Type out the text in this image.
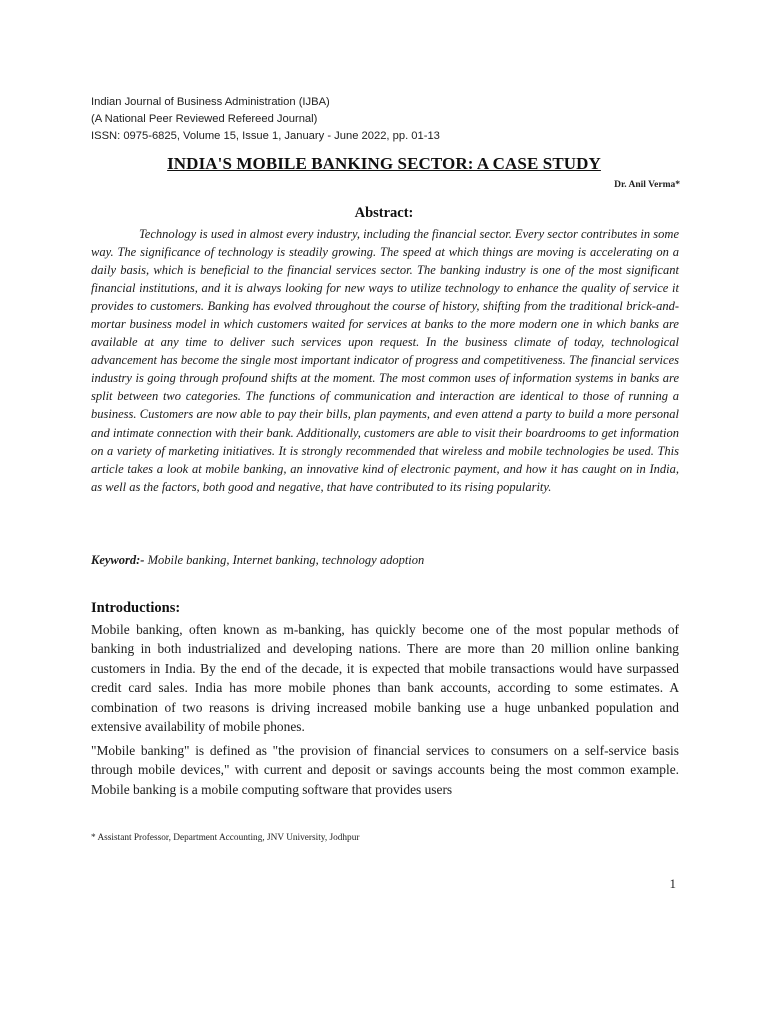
Indian Journal of Business Administration (IJBA)
(A National Peer Reviewed Refereed Journal)
ISSN: 0975-6825, Volume 15, Issue 1, January - June 2022, pp. 01-13
INDIA'S MOBILE BANKING SECTOR: A CASE STUDY
Dr. Anil Verma*
Abstract:

Technology is used in almost every industry, including the financial sector. Every sector contributes in some way. The significance of technology is steadily growing. The speed at which things are moving is accelerating on a daily basis, which is beneficial to the financial services sector. The banking industry is one of the most significant financial institutions, and it is always looking for new ways to utilize technology to enhance the quality of service it provides to customers. Banking has evolved throughout the course of history, shifting from the traditional brick-and-mortar business model in which customers waited for services at banks to the more modern one in which banks are available at any time to deliver such services upon request. In the business climate of today, technological advancement has become the single most important indicator of progress and competitiveness. The financial services industry is going through profound shifts at the moment. The most common uses of information systems in banks are split between two categories. The functions of communication and interaction are identical to those of running a business. Customers are now able to pay their bills, plan payments, and even attend a party to build a more personal and intimate connection with their bank. Additionally, customers are able to visit their boardrooms to get information on a variety of marketing initiatives. It is strongly recommended that wireless and mobile technologies be used. This article takes a look at mobile banking, an innovative kind of electronic payment, and how it has caught on in India, as well as the factors, both good and negative, that have contributed to its rising popularity.

Keyword:- Mobile banking, Internet banking, technology adoption
Introductions:

Mobile banking, often known as m-banking, has quickly become one of the most popular methods of banking in both industrialized and developing nations. There are more than 20 million online banking customers in India. By the end of the decade, it is expected that mobile transactions would have surpassed credit card sales. India has more mobile phones than bank accounts, according to some estimates. A combination of two reasons is driving increased mobile banking use a huge unbanked population and extensive availability of mobile phones.

"Mobile banking" is defined as "the provision of financial services to consumers on a self-service basis through mobile devices," with current and deposit or savings accounts being the most common example. Mobile banking is a mobile computing software that provides users

* Assistant Professor, Department Accounting, JNV University, Jodhpur
1
